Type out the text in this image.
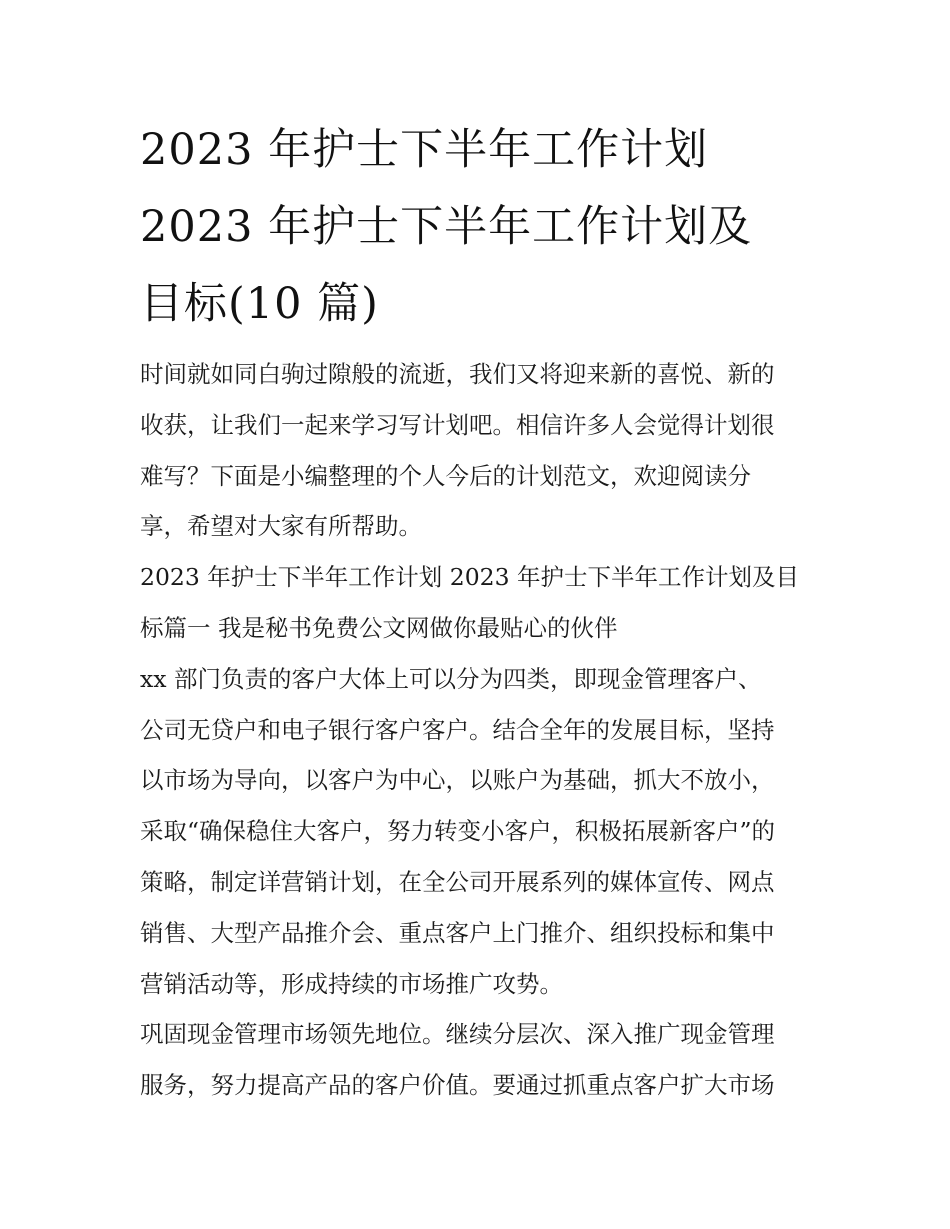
2023 年护士下半年工作计划
2023 年护士下半年工作计划及
目标(10 篇)

时间就如同白驹过隙般的流逝，我们又将迎来新的喜悦、新的
收获，让我们一起来学习写计划吧。相信许多人会觉得计划很
难写？下面是小编整理的个人今后的计划范文，欢迎阅读分
享，希望对大家有所帮助。

2023 年护士下半年工作计划 2023 年护士下半年工作计划及目
标篇一 我是秘书免费公文网做你最贴心的伙伴

xx 部门负责的客户大体上可以分为四类，即现金管理客户、
公司无贷户和电子银行客户客户。结合全年的发展目标，坚持
以市场为导向，以客户为中心，以账户为基础，抓大不放小，
采取“确保稳住大客户，努力转变小客户，积极拓展新客户”的
策略，制定详营销计划，在全公司开展系列的媒体宣传、网点
销售、大型产品推介会、重点客户上门推介、组织投标和集中
营销活动等，形成持续的市场推广攻势。

巩固现金管理市场领先地位。继续分层次、深入推广现金管理
服务，努力提高产品的客户价值。要通过抓重点客户扩大市场
